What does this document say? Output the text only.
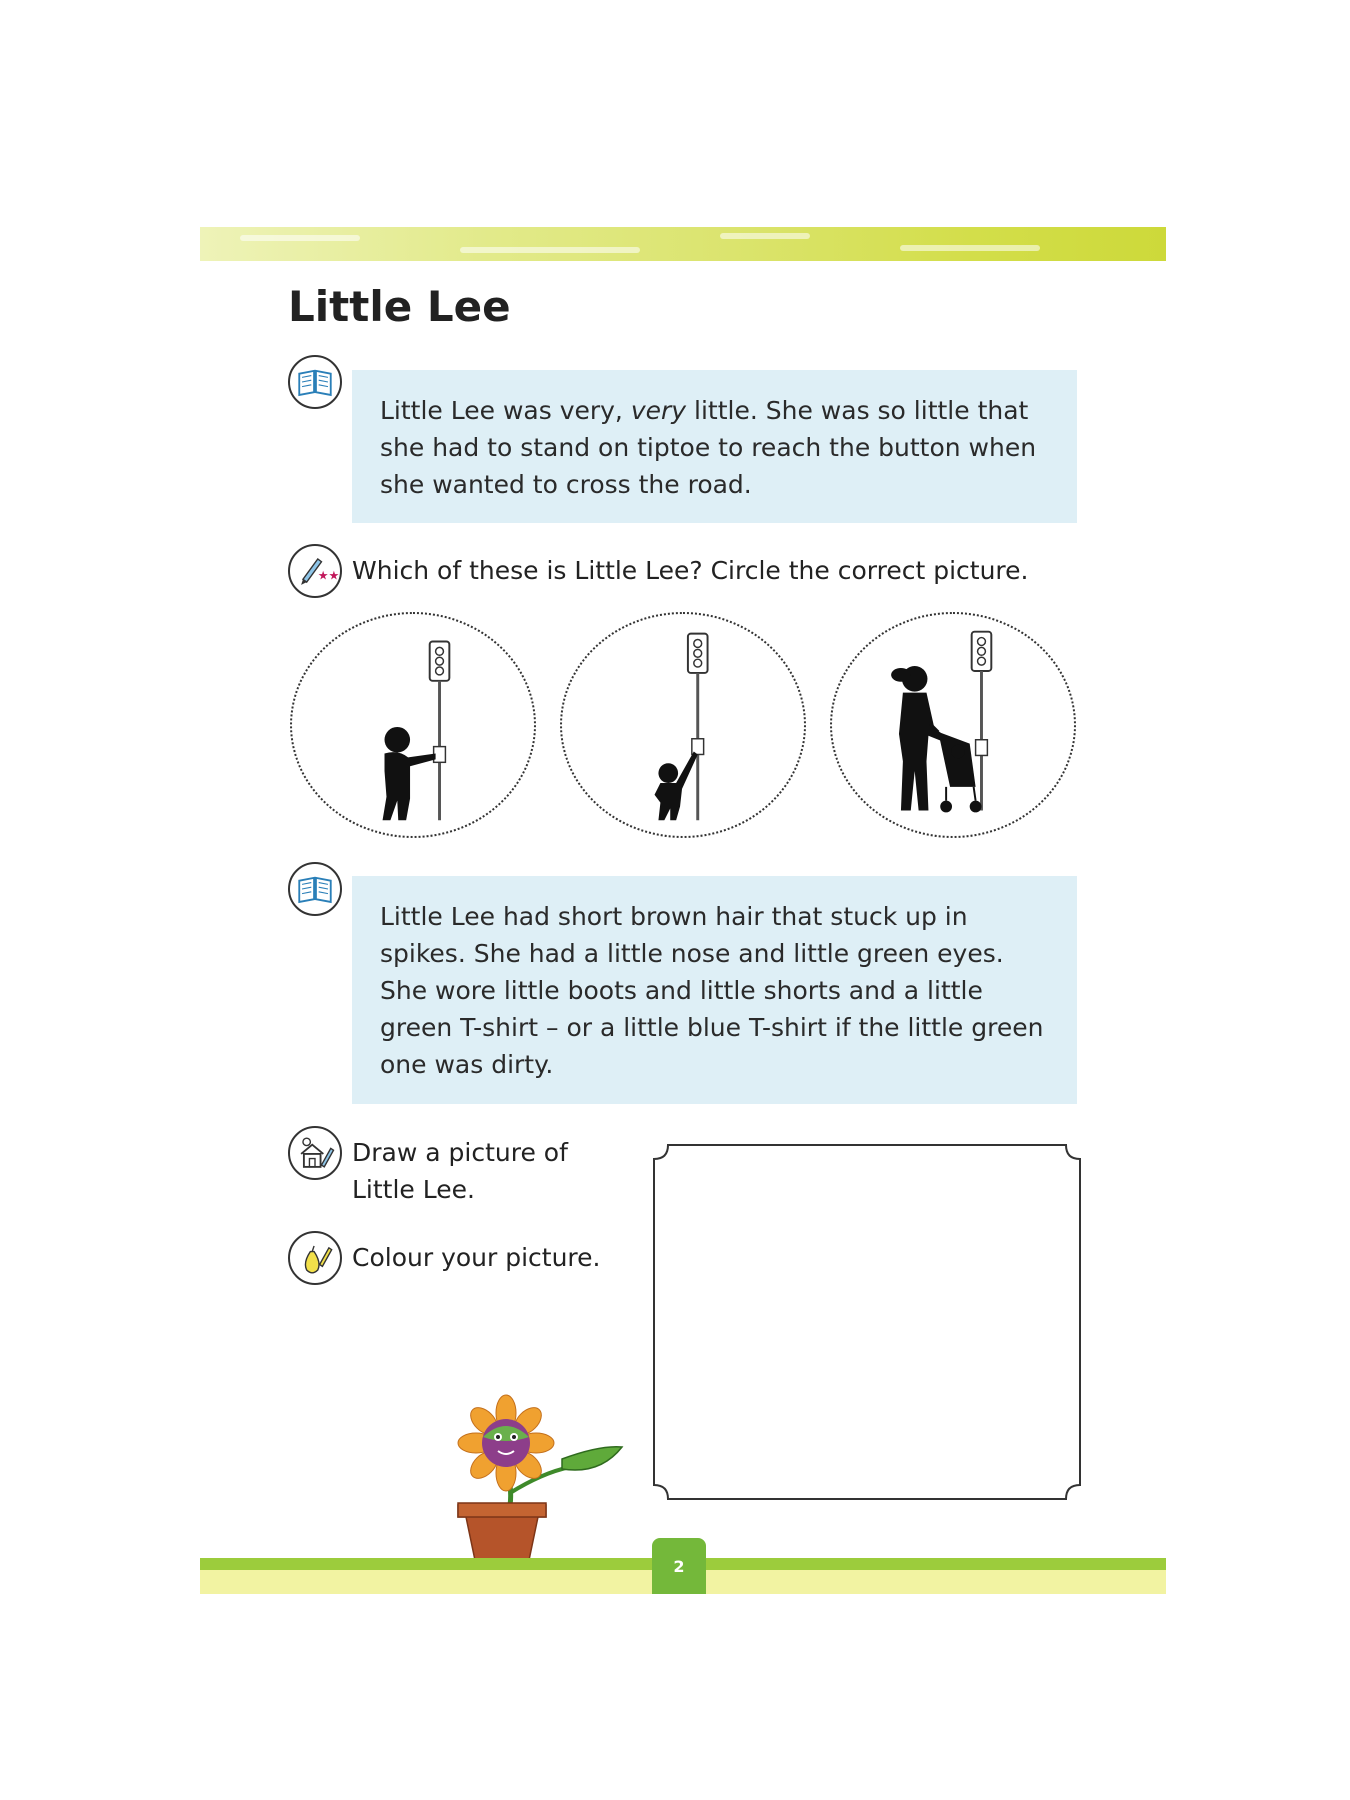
Little Lee
Little Lee was very, very little. She was so little that she had to stand on tiptoe to reach the button when she wanted to cross the road.
★★ Which of these is Little Lee? Circle the correct picture.
Little Lee had short brown hair that stuck up in spikes. She had a little nose and little green eyes. She wore little boots and little shorts and a little green T-shirt – or a little blue T-shirt if the little green one was dirty.
Draw a picture of
Little Lee.
Colour your picture.
2
